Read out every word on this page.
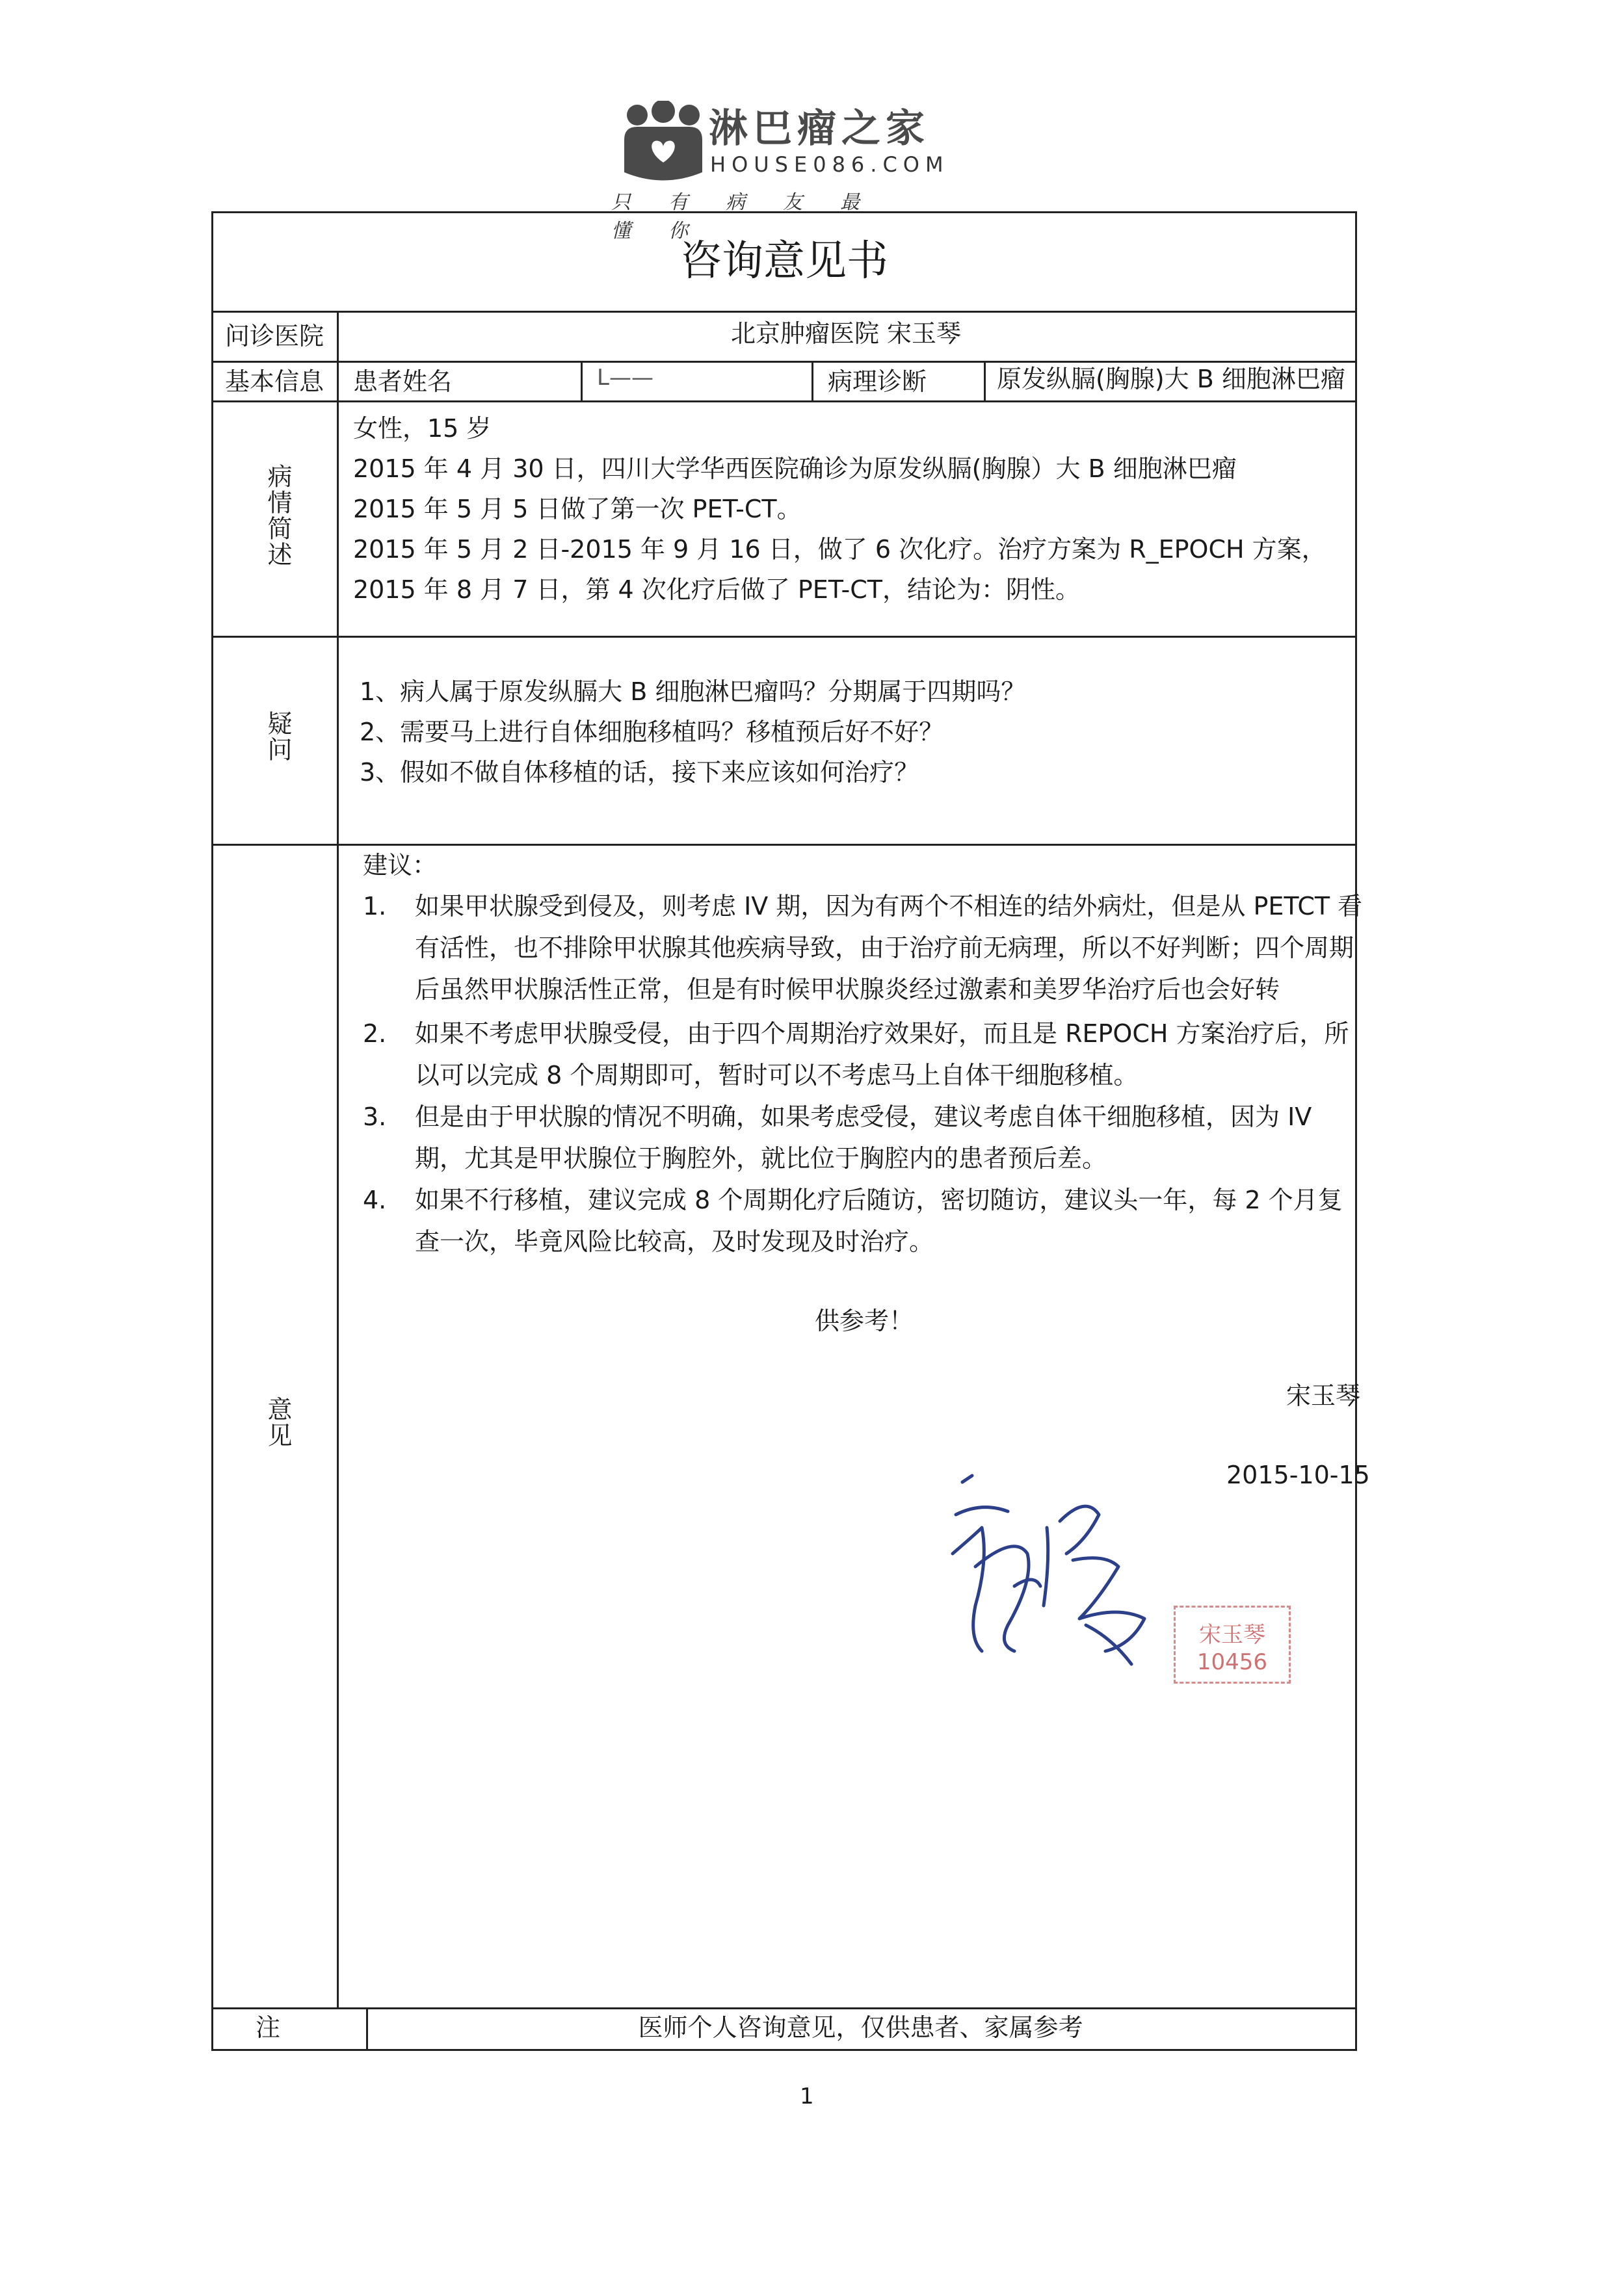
淋巴瘤之家
HOUSE086.COM
只有病友最懂你
咨询意见书
问诊医院	北京肿瘤医院 宋玉琴
基本信息 患者姓名	L——	病理诊断	原发纵膈(胸腺)大 B 细胞淋巴瘤
病情简述
女性，15 岁
2015 年 4 月 30 日，四川大学华西医院确诊为原发纵膈(胸腺）大 B 细胞淋巴瘤
2015 年 5 月 5 日做了第一次 PET-CT。
2015 年 5 月 2 日-2015 年 9 月 16 日，做了 6 次化疗。治疗方案为 R_EPOCH 方案，
2015 年 8 月 7 日，第 4 次化疗后做了 PET-CT，结论为：阴性。
疑问
1、病人属于原发纵膈大 B 细胞淋巴瘤吗？分期属于四期吗？
2、需要马上进行自体细胞移植吗？移植预后好不好？
3、假如不做自体移植的话，接下来应该如何治疗？
意见
建议：
1. 如果甲状腺受到侵及，则考虑 IV 期，因为有两个不相连的结外病灶，但是从 PETCT 看有活性，也不排除甲状腺其他疾病导致，由于治疗前无病理，所以不好判断；四个周期后虽然甲状腺活性正常，但是有时候甲状腺炎经过激素和美罗华治疗后也会好转
2. 如果不考虑甲状腺受侵，由于四个周期治疗效果好，而且是 REPOCH 方案治疗后，所以可以完成 8 个周期即可，暂时可以不考虑马上自体干细胞移植。
3. 但是由于甲状腺的情况不明确，如果考虑受侵，建议考虑自体干细胞移植，因为 IV 期，尤其是甲状腺位于胸腔外，就比位于胸腔内的患者预后差。
4. 如果不行移植，建议完成 8 个周期化疗后随访，密切随访，建议头一年，每 2 个月复查一次，毕竟风险比较高，及时发现及时治疗。
供参考！
宋玉琴
2015-10-15
注	医师个人咨询意见，仅供患者、家属参考
宋玉琴
10456
1
